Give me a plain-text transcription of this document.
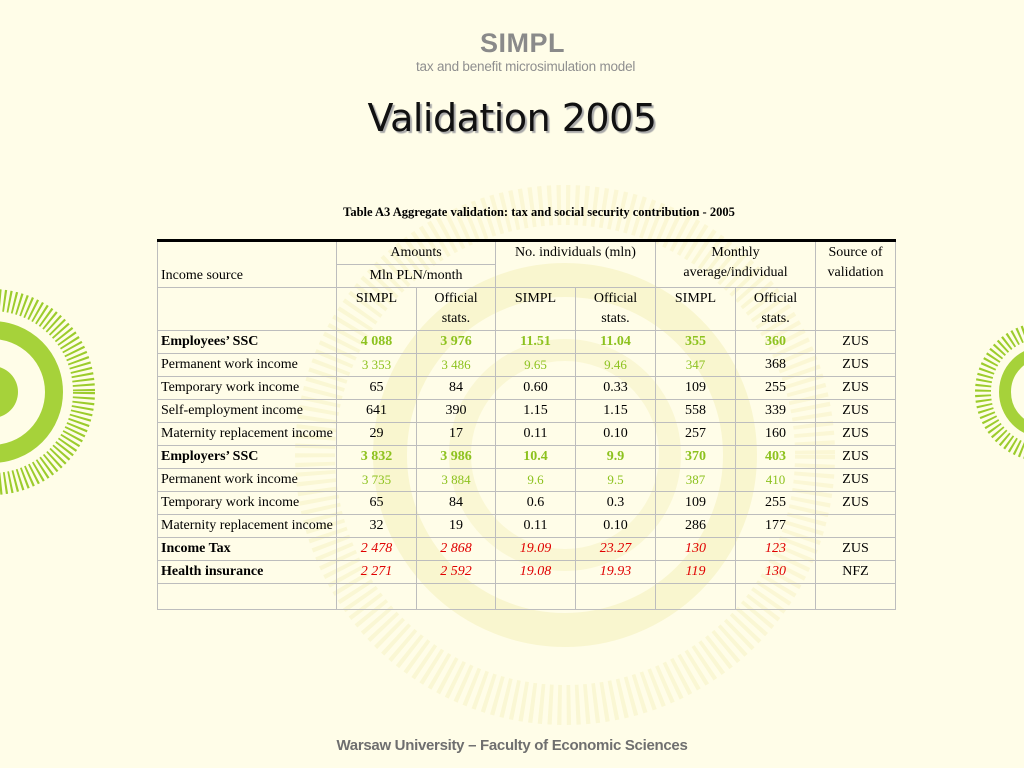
SIMPL
tax and benefit microsimulation model
Validation 2005
Table A3 Aggregate validation: tax and social security contribution - 2005
Income source	Amounts		No. individuals (mln)		Monthly average/individual		Source of validation
	Mln PLN/month						
	SIMPL	Official stats.	SIMPL	Official stats.	SIMPL	Official stats.	
Employees’ SSC	4 088	3 976	11.51	11.04	355	360	ZUS
Permanent work income	3 353	3 486	9.65	9.46	347	368	ZUS
Temporary work income	65	84	0.60	0.33	109	255	ZUS
Self-employment income	641	390	1.15	1.15	558	339	ZUS
Maternity replacement income	29	17	0.11	0.10	257	160	ZUS
Employers’ SSC	3 832	3 986	10.4	9.9	370	403	ZUS
Permanent work income	3 735	3 884	9.6	9.5	387	410	ZUS
Temporary work income	65	84	0.6	0.3	109	255	ZUS
Maternity replacement income	32	19	0.11	0.10	286	177	
Income Tax	2 478	2 868	19.09	23.27	130	123	ZUS
Health insurance	2 271	2 592	19.08	19.93	119	130	NFZ

Warsaw University – Faculty of Economic Sciences
